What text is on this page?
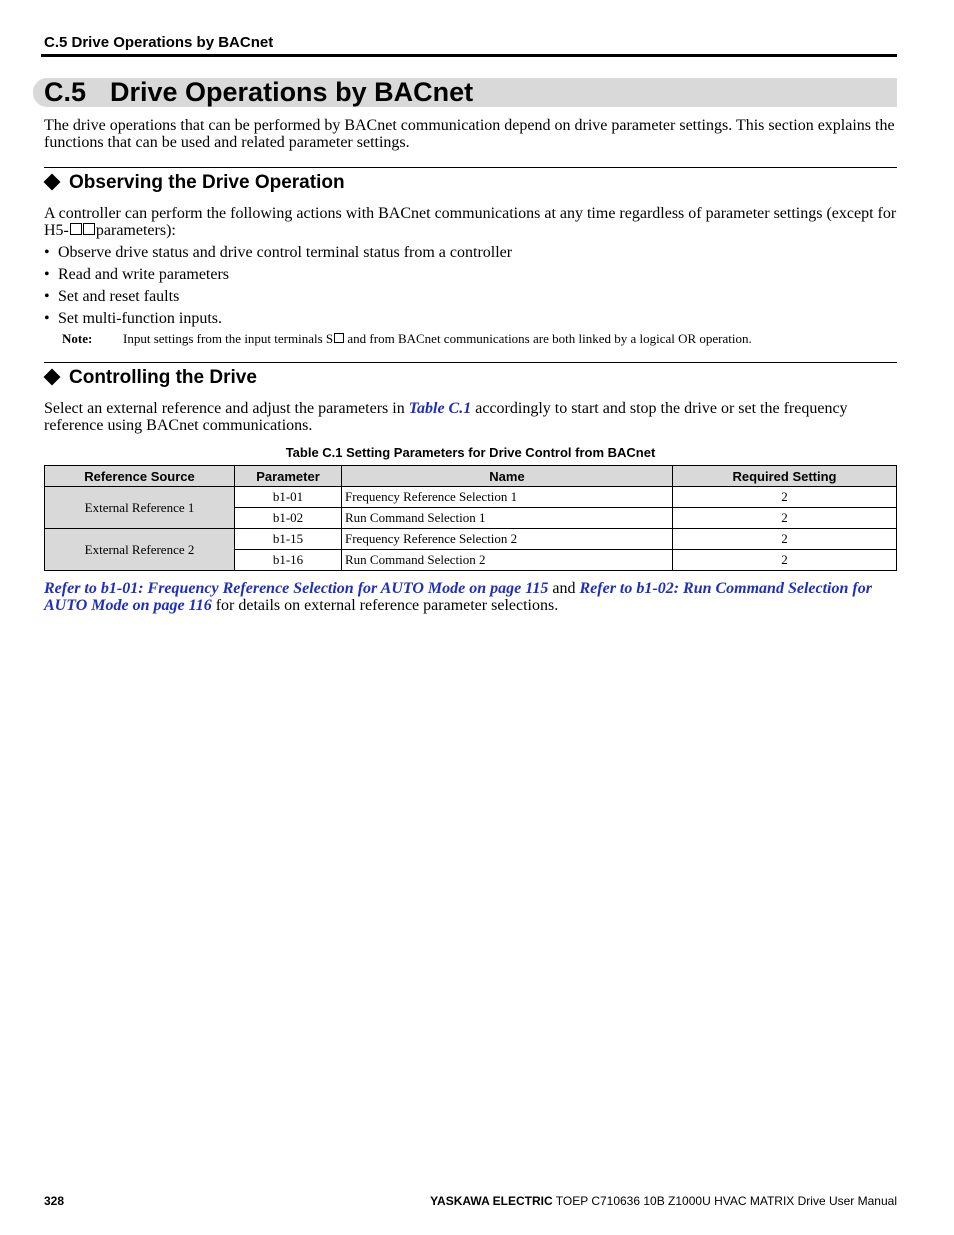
C.5 Drive Operations by BACnet
C.5 Drive Operations by BACnet
The drive operations that can be performed by BACnet communication depend on drive parameter settings. This section explains the functions that can be used and related parameter settings.
Observing the Drive Operation
A controller can perform the following actions with BACnet communications at any time regardless of parameter settings (except for H5- parameters):
• Observe drive status and drive control terminal status from a controller
• Read and write parameters
• Set and reset faults
• Set multi-function inputs.
Note: Input settings from the input terminals S and from BACnet communications are both linked by a logical OR operation.
Controlling the Drive
Select an external reference and adjust the parameters in Table C.1 accordingly to start and stop the drive or set the frequency reference using BACnet communications.
Table C.1 Setting Parameters for Drive Control from BACnet
Reference Source	Parameter	Name	Required Setting
External Reference 1	b1-01	Frequency Reference Selection 1	2
	b1-02	Run Command Selection 1	2
External Reference 2	b1-15	Frequency Reference Selection 2	2
	b1-16	Run Command Selection 2	2
Refer to b1-01: Frequency Reference Selection for AUTO Mode on page 115 and Refer to b1-02: Run Command Selection for AUTO Mode on page 116 for details on external reference parameter selections.
328	YASKAWA ELECTRIC TOEP C710636 10B Z1000U HVAC MATRIX Drive User Manual
